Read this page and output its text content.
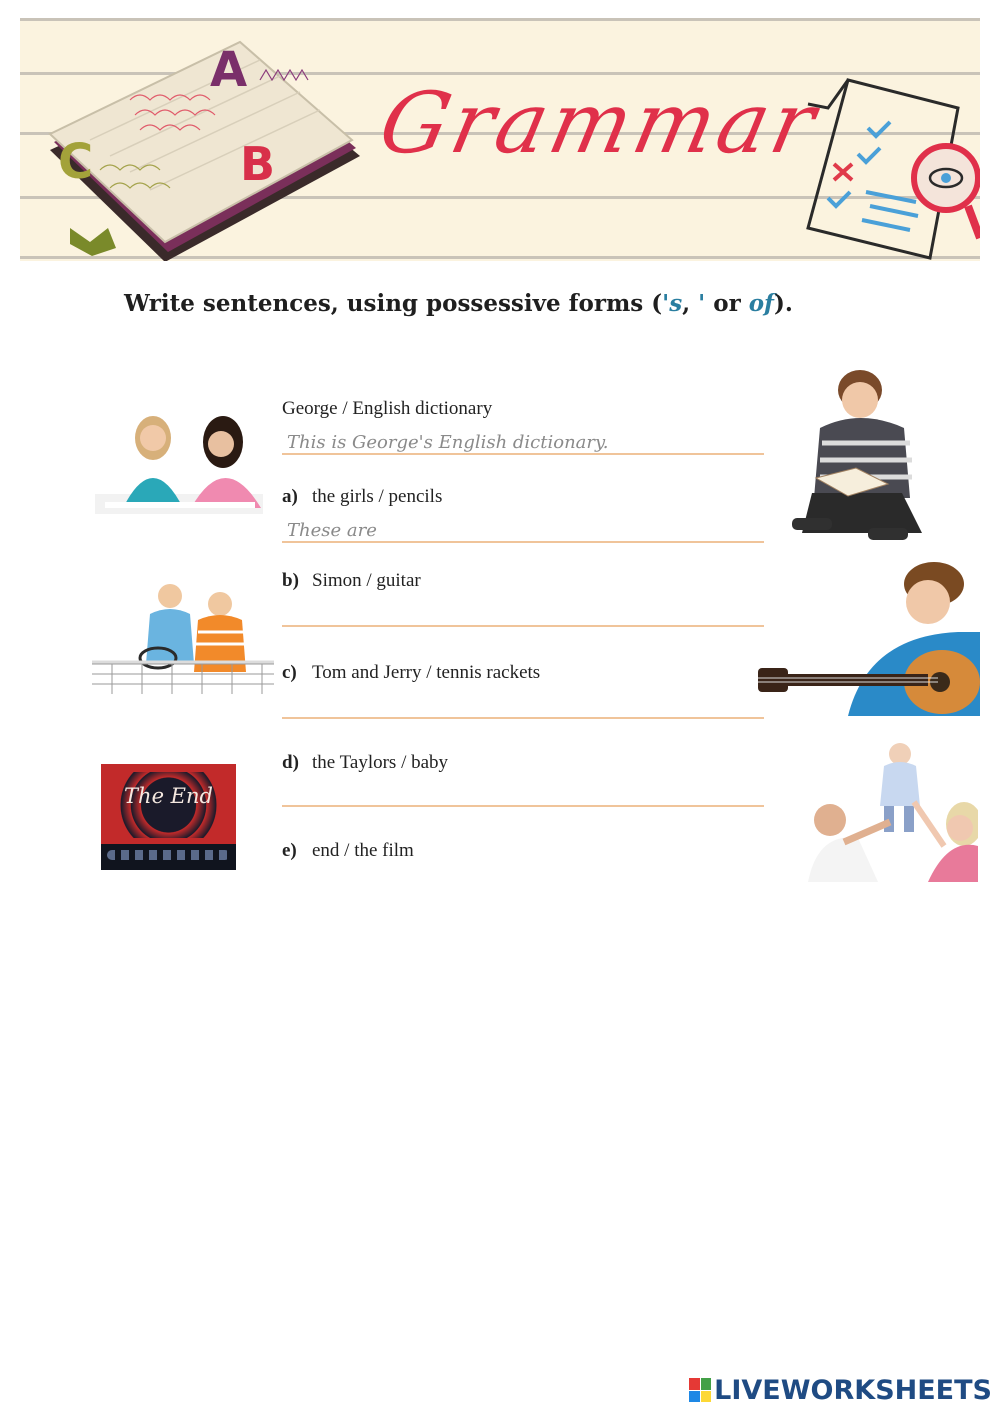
A
B
C	Grammar
Write sentences, using possessive forms ('s, ' or of).
George / English dictionary
This is George's English dictionary.
a) the girls / pencils
These are
b) Simon / guitar
c) Tom and Jerry / tennis rackets
d) the Taylors / baby
e) end / the film
The End
LIVEWORKSHEETS
